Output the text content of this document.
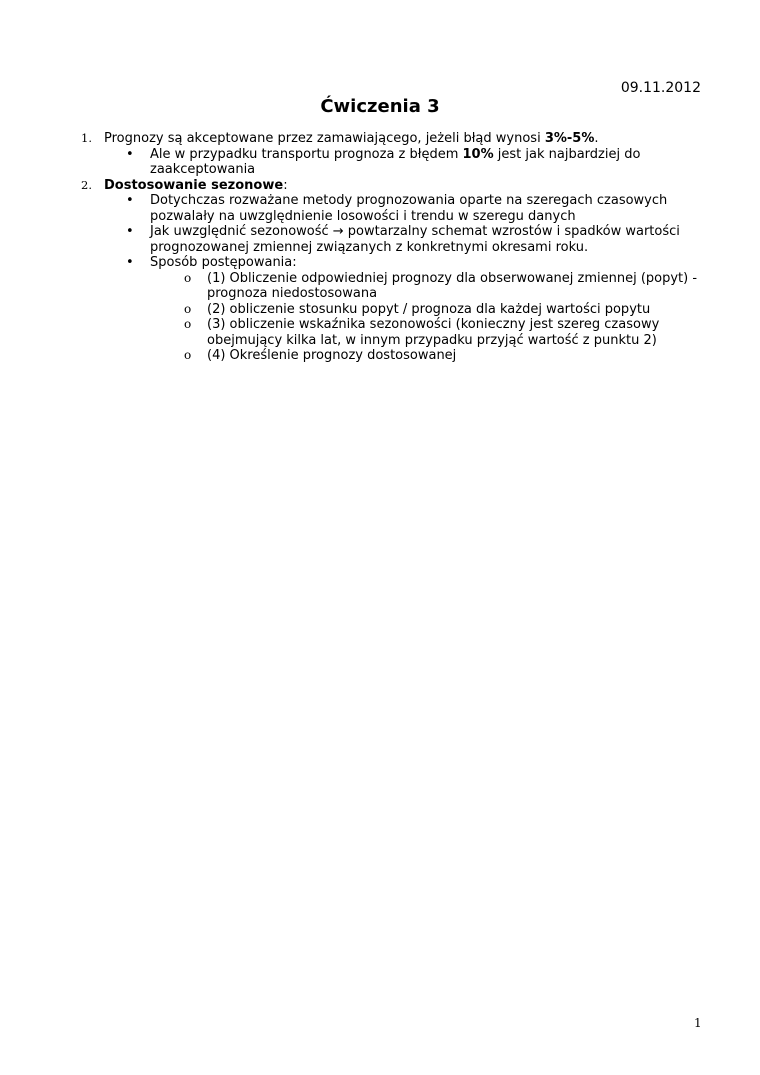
09.11.2012
Ćwiczenia 3
1. Prognozy są akceptowane przez zamawiającego, jeżeli błąd wynosi 3%-5%.
• Ale w przypadku transportu prognoza z błędem 10% jest jak najbardziej do
zaakceptowania
2. Dostosowanie sezonowe:
• Dotychczas rozważane metody prognozowania oparte na szeregach czasowych
pozwalały na uwzględnienie losowości i trendu w szeregu danych
• Jak uwzględnić sezonowość → powtarzalny schemat wzrostów i spadków wartości
prognozowanej zmiennej związanych z konkretnymi okresami roku.
• Sposób postępowania:
o (1) Obliczenie odpowiedniej prognozy dla obserwowanej zmiennej (popyt) -
prognoza niedostosowana
o (2) obliczenie stosunku popyt / prognoza dla każdej wartości popytu
o (3) obliczenie wskaźnika sezonowości (konieczny jest szereg czasowy
obejmujący kilka lat, w innym przypadku przyjąć wartość z punktu 2)
o (4) Określenie prognozy dostosowanej
1
